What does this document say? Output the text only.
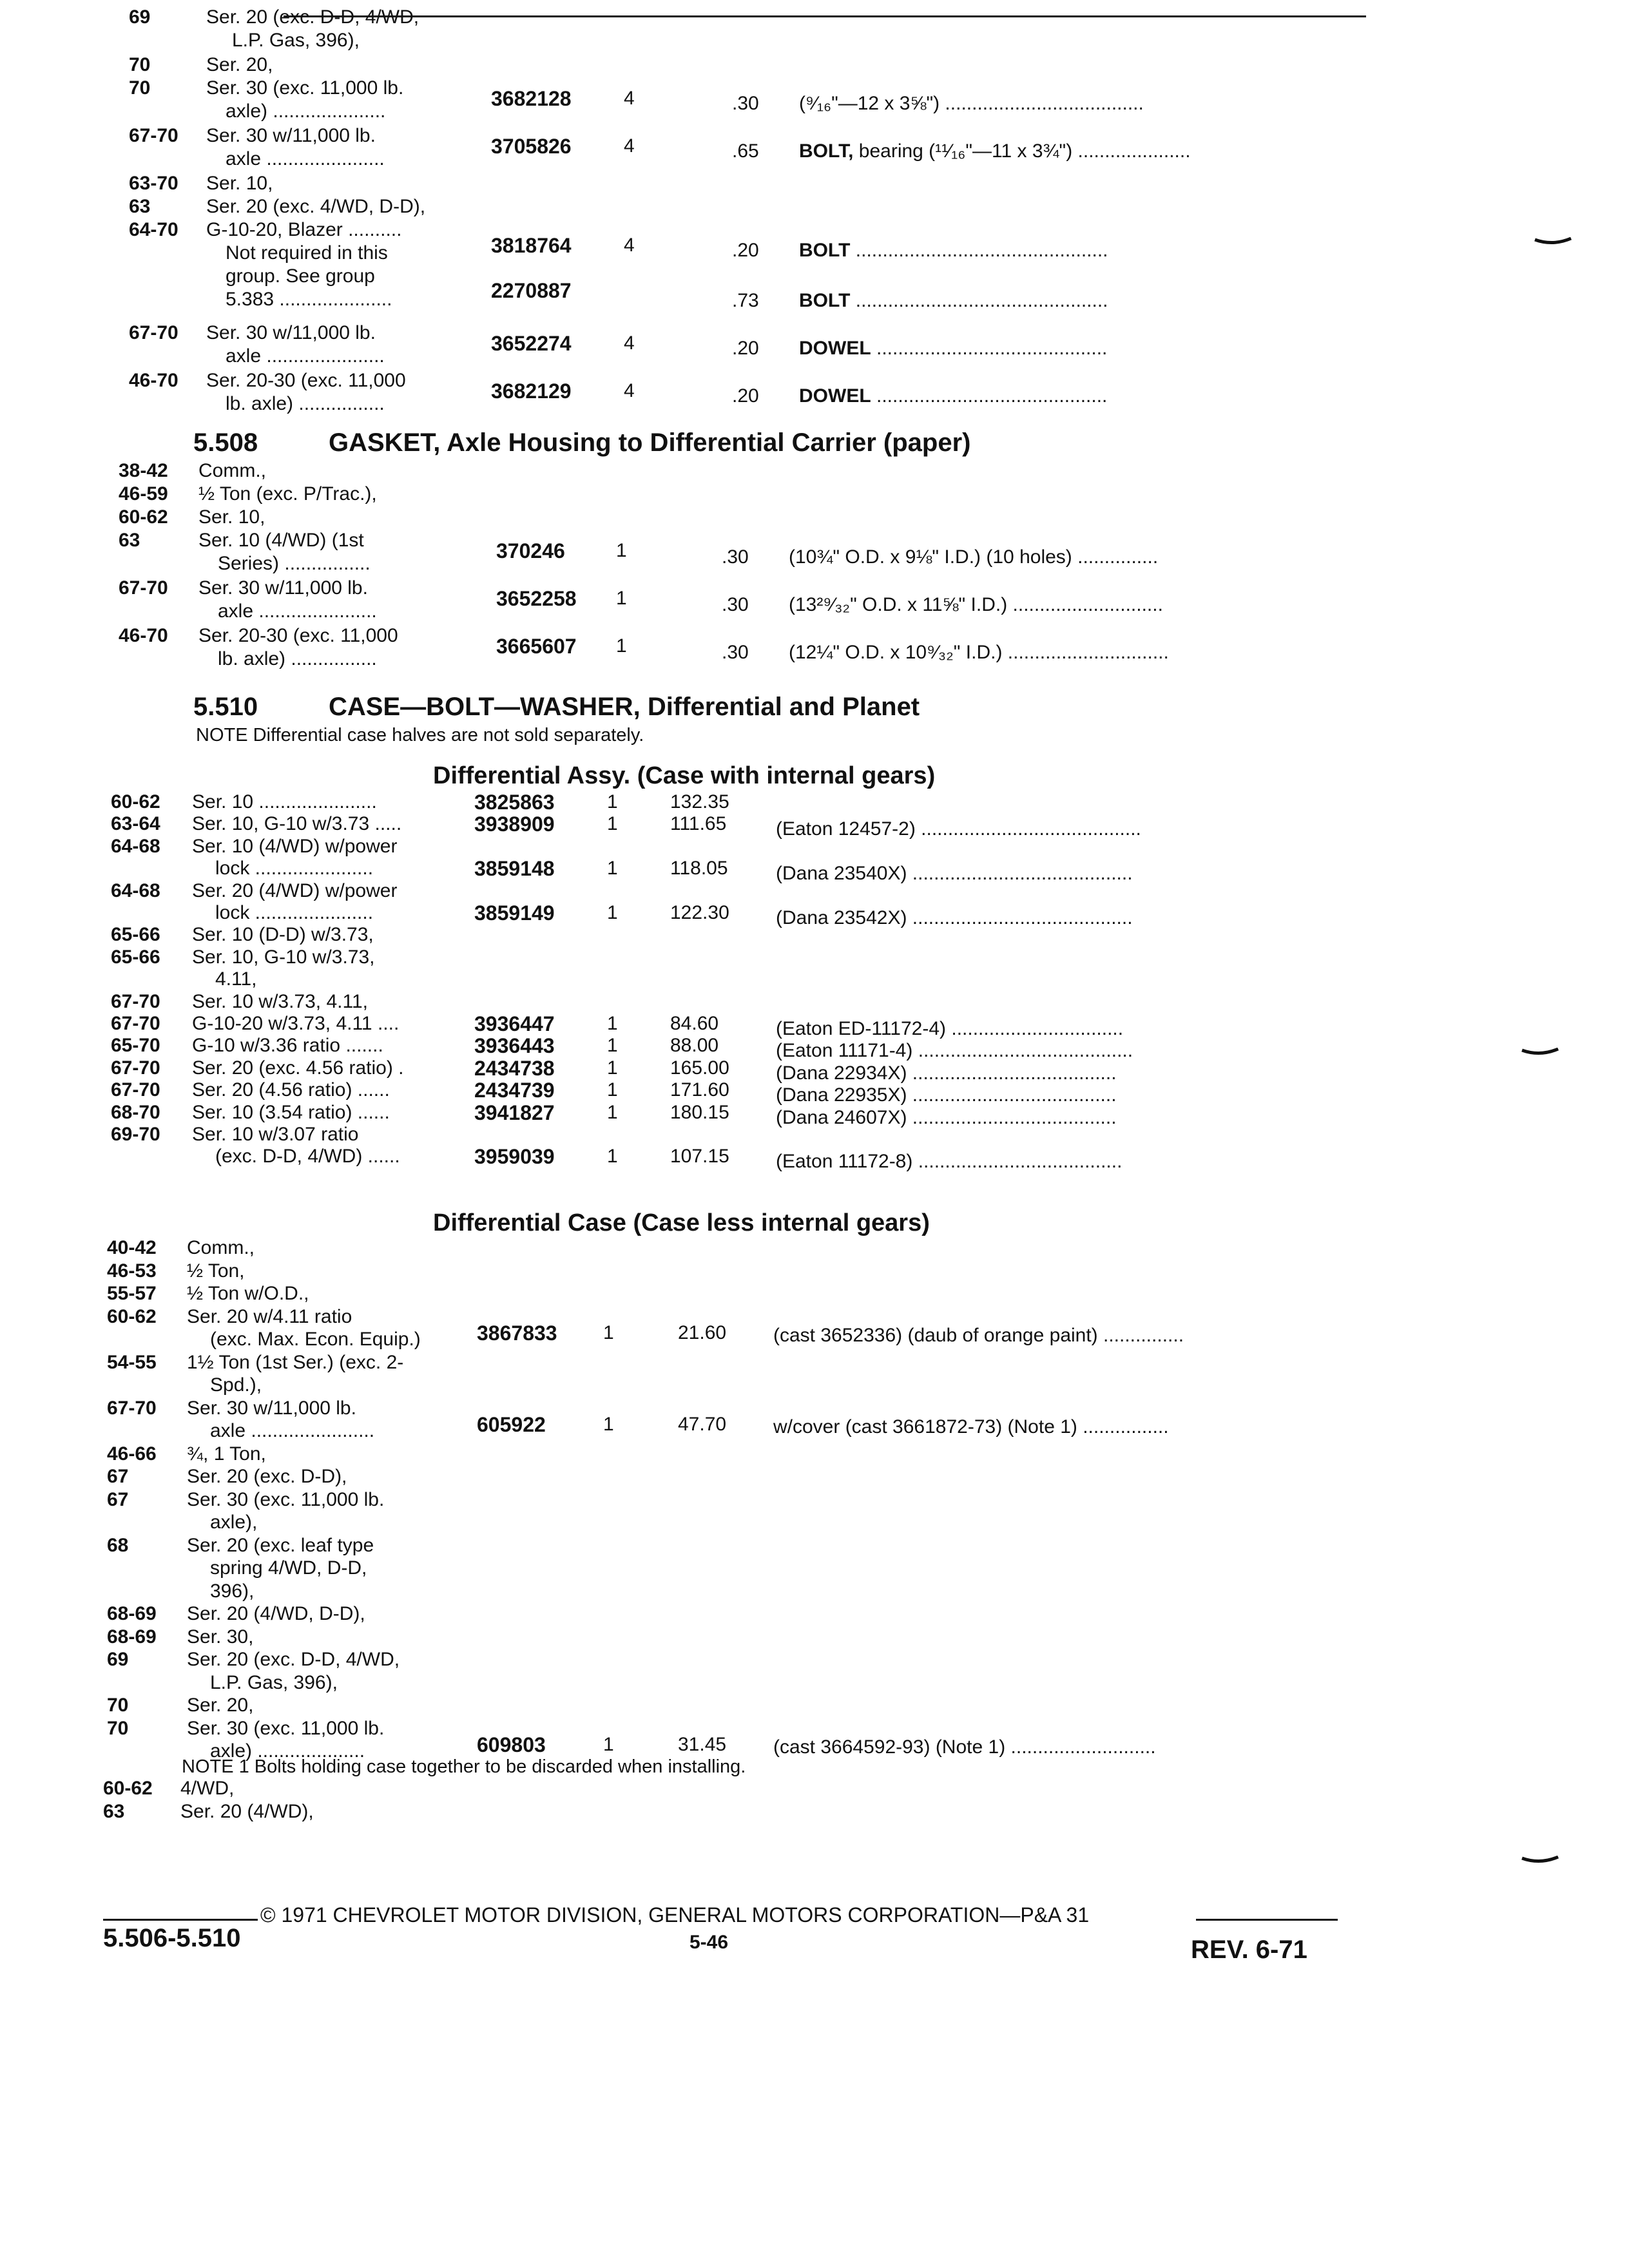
69	Ser. 20 (exc. D-D, 4/WD,
L.P. Gas, 396),
70	Ser. 20,
70	Ser. 30 (exc. 11,000 lb.
axle) .....................
3682128	4	.30 (⁹⁄₁₆"—12 x 3⅝") .....................................
67-70 Ser. 30 w/11,000 lb.
axle ......................
3705826	4	.65 BOLT, bearing (¹¹⁄₁₆"—11 x 3¾") .....................
63-70 Ser. 10,
63	Ser. 20 (exc. 4/WD, D-D),
64-70 G-10-20, Blazer ..........
Not required in this
group. See group
5.383 .....................
3818764	4	.20 BOLT ...............................................
2270887	.73 BOLT ...............................................
67-70 Ser. 30 w/11,000 lb.
axle ......................
3652274	4	.20 DOWEL ...........................................
46-70 Ser. 20-30 (exc. 11,000
lb. axle) ................
3682129	4	.20 DOWEL ...........................................
5.508	GASKET, Axle Housing to Differential Carrier (paper)
38-42 Comm.,
46-59 ½ Ton (exc. P/Trac.),
60-62 Ser. 10,
63	Ser. 10 (4/WD) (1st
Series) ................
370246	1	.30 (10¾" O.D. x 9⅛" I.D.) (10 holes) ...............
67-70 Ser. 30 w/11,000 lb.
axle ......................
3652258 1	.30 (13²⁹⁄₃₂" O.D. x 11⅝" I.D.) ............................
46-70 Ser. 20-30 (exc. 11,000
lb. axle) ................
3665607 1	.30 (12¼" O.D. x 10⁹⁄₃₂" I.D.) ..............................
5.510	CASE—BOLT—WASHER, Differential and Planet
NOTE Differential case halves are not sold separately.
Differential Assy. (Case with internal gears)
60-62 Ser. 10 ......................	3825863	1	132.35
63-64 Ser. 10, G-10 w/3.73 .....	3938909	1	111.65	(Eaton 12457-2) .........................................
64-68 Ser. 10 (4/WD) w/power
lock ......................	3859148	1	118.05 (Dana 23540X) .........................................
64-68 Ser. 20 (4/WD) w/power
lock ......................	3859149	1	122.30 (Dana 23542X) .........................................
65-66 Ser. 10 (D-D) w/3.73,
65-66 Ser. 10, G-10 w/3.73,
4.11,
67-70 Ser. 10 w/3.73, 4.11,
67-70 G-10-20 w/3.73, 4.11 ....	3936447	1	84.60	(Eaton ED-11172-4) ................................
65-70 G-10 w/3.36 ratio .......	3936443	1	88.00	(Eaton 11171-4) ........................................
67-70 Ser. 20 (exc. 4.56 ratio) .	2434738	1	165.00 (Dana 22934X) ......................................
67-70 Ser. 20 (4.56 ratio) ......	2434739	1	171.60 (Dana 22935X) ......................................
68-70 Ser. 10 (3.54 ratio) ......	3941827	1	180.15 (Dana 24607X) ......................................
69-70 Ser. 10 w/3.07 ratio
(exc. D-D, 4/WD) ......	3959039	1	107.15 (Eaton 11172-8) ......................................
Differential Case (Case less internal gears)
40-42 Comm.,
46-53 ½ Ton,
55-57 ½ Ton w/O.D.,
60-62 Ser. 20 w/4.11 ratio
(exc. Max. Econ. Equip.)	3867833 1	21.60 (cast 3652336) (daub of orange paint) ...............
54-55 1½ Ton (1st Ser.) (exc. 2-
Spd.),
67-70 Ser. 30 w/11,000 lb.
axle .......................	605922	1	47.70 w/cover (cast 3661872-73) (Note 1) ................
46-66 ¾, 1 Ton,
67	Ser. 20 (exc. D-D),
67	Ser. 30 (exc. 11,000 lb.
axle),
68	Ser. 20 (exc. leaf type
spring 4/WD, D-D,
396),
68-69 Ser. 20 (4/WD, D-D),
68-69 Ser. 30,
69	Ser. 20 (exc. D-D, 4/WD,
L.P. Gas, 396),
70	Ser. 20,
70	Ser. 30 (exc. 11,000 lb.
axle) ....................	609803	1	31.45 (cast 3664592-93) (Note 1) ...........................
NOTE 1 Bolts holding case together to be discarded when installing.
60-62 4/WD,
63	Ser. 20 (4/WD),
© 1971 CHEVROLET MOTOR DIVISION, GENERAL MOTORS CORPORATION—P&A 31
5.506-5.510	5-46	REV. 6-71
